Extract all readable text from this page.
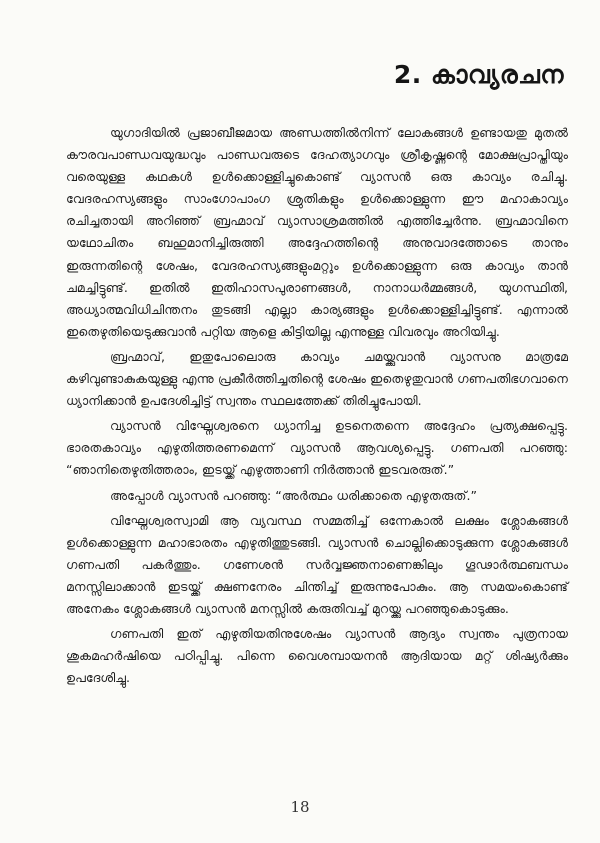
2. കാവ്യരചന

യുഗാദിയിൽ പ്രജാബീജമായ അണ്ഡത്തിൽനിന്ന് ലോകങ്ങൾ ഉണ്ടായതു മുതൽ കൗരവപാണ്ഡവയുദ്ധവും പാണ്ഡവരുടെ ദേഹത്യാഗവും ശ്രീകൃഷ്ണന്റെ മോക്ഷപ്രാപ്തിയും വരെയുള്ള കഥകൾ ഉൾക്കൊള്ളിച്ചുകൊണ്ട് വ്യാസൻ ഒരു കാവ്യം രചിച്ചു. വേദരഹസ്യങ്ങളും സാംഗോപാംഗ ശ്രുതികളും ഉൾക്കൊള്ളുന്ന ഈ മഹാകാവ്യം രചിച്ചതായി അറിഞ്ഞ് ബ്രഹ്മാവ് വ്യാസാശ്രമത്തിൽ എത്തിച്ചേർന്നു. ബ്രഹ്മാവിനെ യഥോചിതം ബഹുമാനിച്ചിരുത്തി അദ്ദേഹത്തിന്റെ അനുവാദത്തോടെ താനും ഇരുന്നതിന്റെ ശേഷം, വേദരഹസ്യങ്ങളുംമറ്റും ഉൾക്കൊള്ളുന്ന ഒരു കാവ്യം താൻ ചമച്ചിട്ടുണ്ട്. ഇതിൽ ഇതിഹാസപുരാണങ്ങൾ, നാനാധർമ്മങ്ങൾ, യുഗസ്ഥിതി, അധ്യാത്മവിധിചിന്തനം തുടങ്ങി എല്ലാ കാര്യങ്ങളും ഉൾക്കൊള്ളിച്ചിട്ടുണ്ട്. എന്നാൽ ഇതെഴുതിയെടുക്കുവാൻ പറ്റിയ ആളെ കിട്ടിയില്ല എന്നുള്ള വിവരവും അറിയിച്ചു.

ബ്രഹ്മാവ്, ഇതുപോലൊരു കാവ്യം ചമയ്ക്കുവാൻ വ്യാസനു മാത്രമേ കഴിവുണ്ടാകുകയുള്ളു എന്നു പ്രകീർത്തിച്ചതിന്റെ ശേഷം ഇതെഴുതുവാൻ ഗണപതിഭഗവാനെ ധ്യാനിക്കാൻ ഉപദേശിച്ചിട്ട് സ്വന്തം സ്ഥലത്തേക്ക് തിരിച്ചുപോയി.

വ്യാസൻ വിഘ്നേശ്വരനെ ധ്യാനിച്ച ഉടനെതന്നെ അദ്ദേഹം പ്രത്യക്ഷപ്പെട്ടു. ഭാരതകാവ്യം എഴുതിത്തരണമെന്ന് വ്യാസൻ ആവശ്യപ്പെട്ടു. ഗണപതി പറഞ്ഞു: “ഞാനിതെഴുതിത്തരാം, ഇടയ്ക്ക് എഴുത്താണി നിർത്താൻ ഇടവരരുത്.”

അപ്പോൾ വ്യാസൻ പറഞ്ഞു: “അർത്ഥം ധരിക്കാതെ എഴുതരുത്.”

വിഘ്നേശ്വരസ്വാമി ആ വ്യവസ്ഥ സമ്മതിച്ച് ഒന്നേകാൽ ലക്ഷം ശ്ലോകങ്ങൾ ഉൾക്കൊള്ളുന്ന മഹാഭാരതം എഴുതിത്തുടങ്ങി. വ്യാസൻ ചൊല്ലിക്കൊടുക്കുന്ന ശ്ലോകങ്ങൾ ഗണപതി പകർത്തും. ഗണേശൻ സർവ്വജ്ഞനാണെങ്കിലും ഗൂഢാർത്ഥബന്ധം മനസ്സിലാക്കാൻ ഇടയ്ക്ക് ക്ഷണനേരം ചിന്തിച്ച് ഇരുന്നുപോകും. ആ സമയംകൊണ്ട് അനേകം ശ്ലോകങ്ങൾ വ്യാസൻ മനസ്സിൽ കരുതിവച്ച് മുറയ്ക്കു പറഞ്ഞുകൊടുക്കും.

ഗണപതി ഇത് എഴുതിയതിനുശേഷം വ്യാസൻ ആദ്യം സ്വന്തം പുത്രനായ ശുകമഹർഷിയെ പഠിപ്പിച്ചു. പിന്നെ വൈശമ്പായനൻ ആദിയായ മറ്റ് ശിഷ്യർക്കും ഉപദേശിച്ചു.

18
